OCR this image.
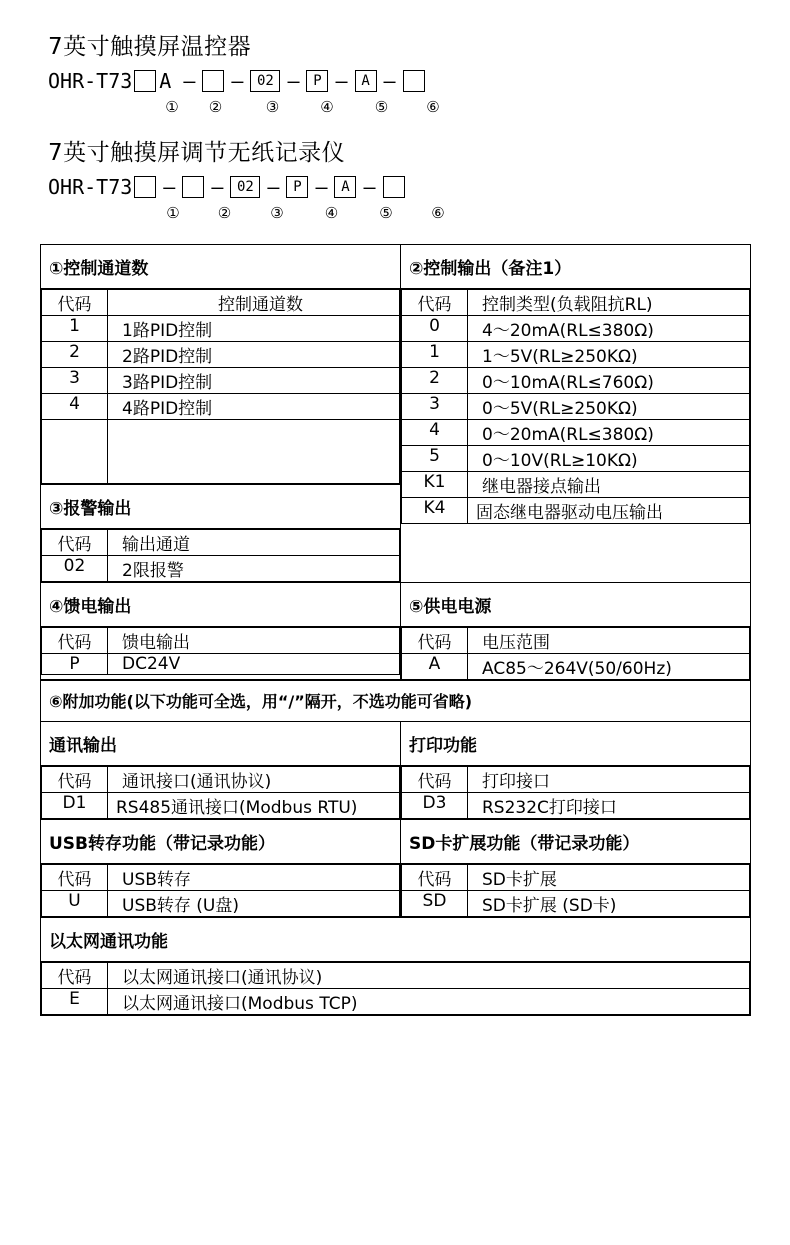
7英寸触摸屏温控器
OHR-T73 A –	– 02 – P – A –
①	②	③	④	⑤	⑥
7英寸触摸屏调节无纸记录仪
OHR-T73	–	– 02 – P – A –
①	②	③	④	⑤	⑥
①控制通道数
代码	控制通道数
1	1路PID控制
2	2路PID控制
3	3路PID控制
4	4路PID控制

③报警输出
代码	输出通道
02	2限报警

②控制输出（备注1）
代码	控制类型(负载阻抗RL)
0	4～20mA(RL≤380Ω)
1	1～5V(RL≥250KΩ)
2	0～10mA(RL≤760Ω)
3	0～5V(RL≥250KΩ)
4	0～20mA(RL≤380Ω)
5	0～10V(RL≥10KΩ)
K1	继电器接点输出
K4	固态继电器驱动电压输出
④馈电输出
代码	馈电输出
P	DC24V

⑤供电电源
代码	电压范围
A	AC85～264V(50/60Hz)
⑥附加功能(以下功能可全选，用“/”隔开，不选功能可省略)

通讯输出
代码	通讯接口(通讯协议)
D1	RS485通讯接口(Modbus RTU)

打印功能
代码	打印接口
D3	RS232C打印接口

USB转存功能（带记录功能）
代码	USB转存
U	USB转存 (U盘)

SD卡扩展功能（带记录功能）
代码	SD卡扩展
SD	SD卡扩展 (SD卡)

以太网通讯功能
代码	以太网通讯接口(通讯协议)
E	以太网通讯接口(Modbus TCP)
